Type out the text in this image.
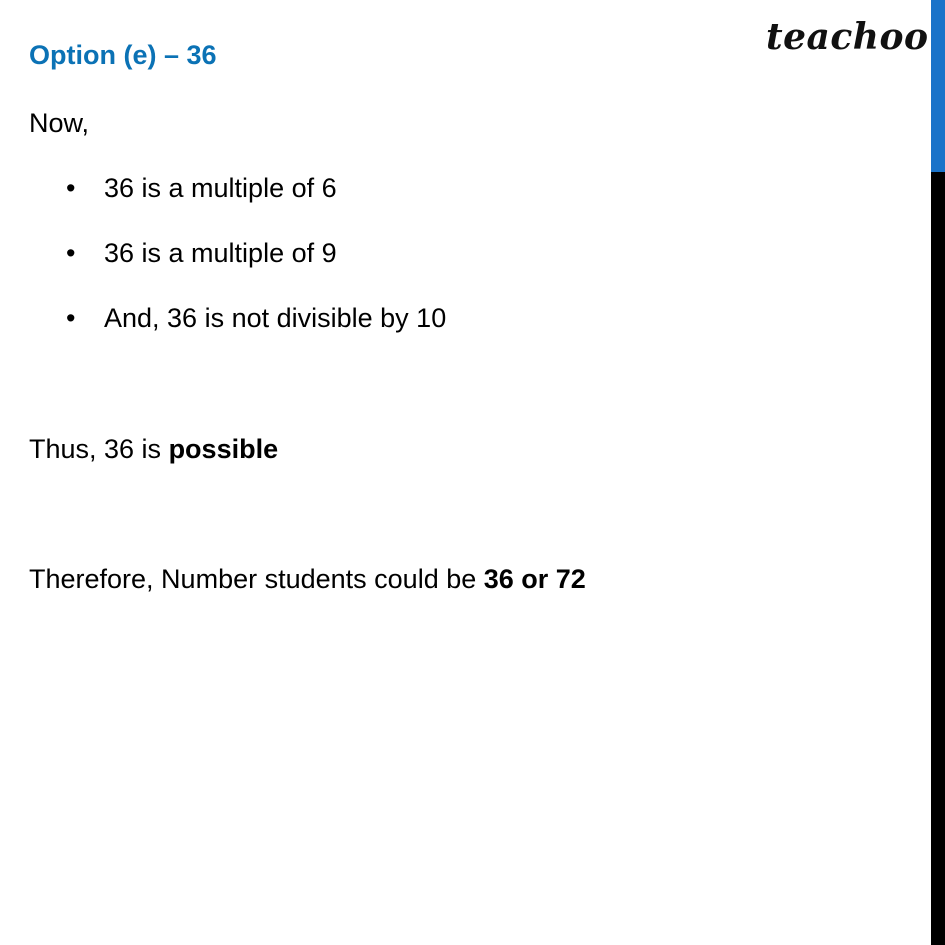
Option (e) – 36	teachoo
Now,
•36 is a multiple of 6
•36 is a multiple of 9
•And, 36 is not divisible by 10
Thus, 36 is possible
Therefore, Number students could be 36 or 72
